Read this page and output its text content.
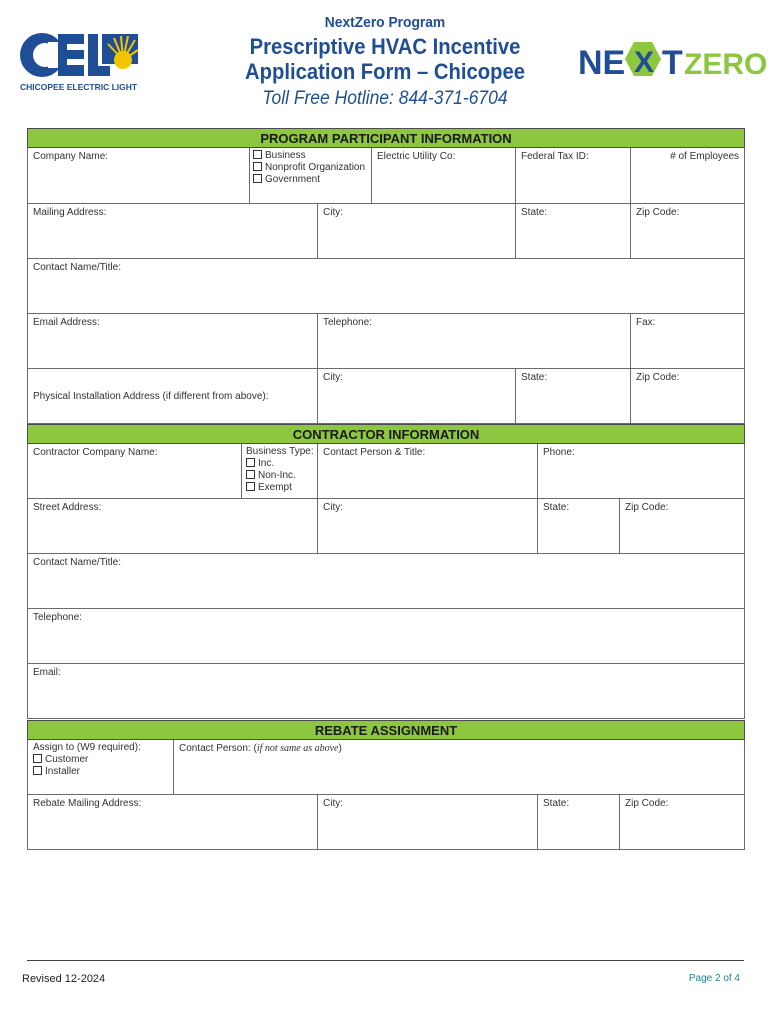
CHICOPEE ELECTRIC LIGHT
NE X T ZERO
NextZero Program
Prescriptive HVAC Incentive
Application Form – Chicopee
Toll Free Hotline: 844-371-6704
PROGRAM PARTICIPANT INFORMATION					
Company Name:	Business
Nonprofit Organization
Government		Electric Utility Co:	Federal Tax ID:	# of Employees
Mailing Address:		City:		State:	Zip Code:
Contact Name/Title:					
Email Address:		Telephone:			Fax:
Physical Installation Address (if different from above):		City:		State:	Zip Code:
CONTRACTOR INFORMATION				
Contractor Company Name:	Business Type:
Inc.
Non-Inc.
Exempt	Contact Person & Title:	Phone:	
Street Address:		City:	State:	Zip Code:
Contact Name/Title:				
Telephone:				
Email:				
REBATE ASSIGNMENT				

Assign to (W9 required):
Customer
Installer	Contact Person: (if not same as above)			
Rebate Mailing Address:		City:	State:	Zip Code:
Revised 12-2024	Page 2 of 4
